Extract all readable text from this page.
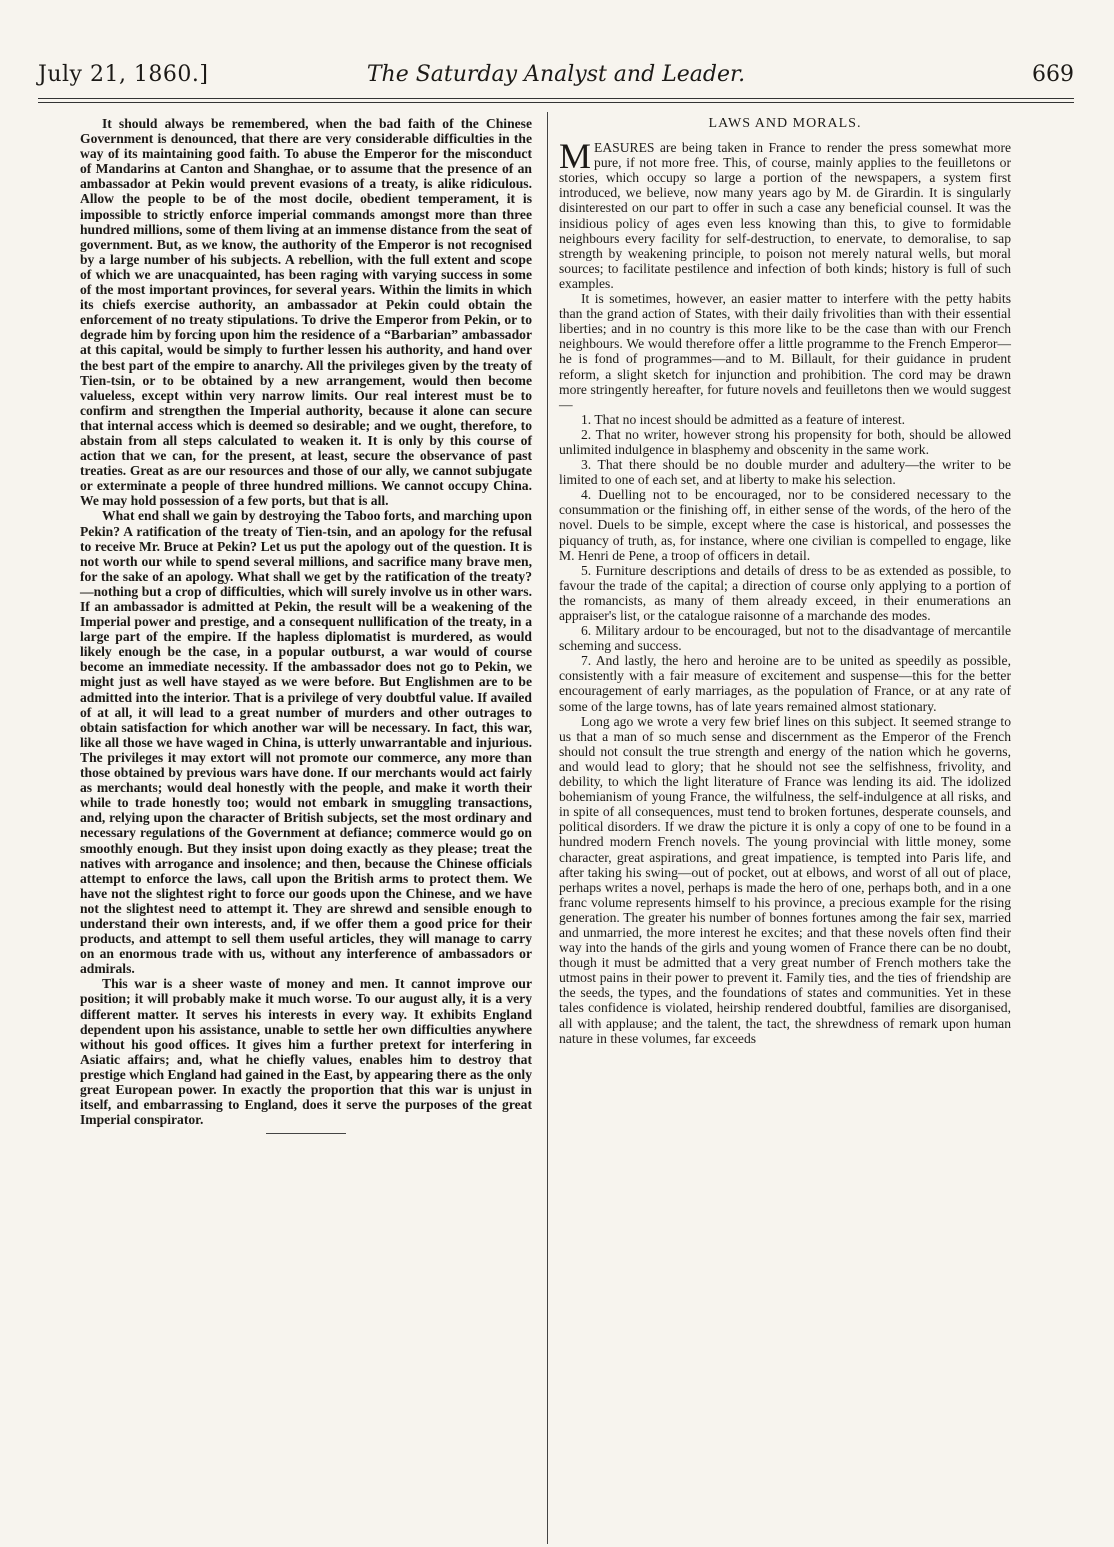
July 21, 1860.]	The Saturday Analyst and Leader.	669

It should always be remembered, when the bad faith of the Chinese Government is denounced, that there are very considerable difficulties in the way of its maintaining good faith. To abuse the Emperor for the misconduct of Mandarins at Canton and Shanghae, or to assume that the presence of an ambassador at Pekin would prevent evasions of a treaty, is alike ridiculous. Allow the people to be of the most docile, obedient temperament, it is impossible to strictly enforce imperial commands amongst more than three hundred millions, some of them living at an immense distance from the seat of government. But, as we know, the authority of the Emperor is not recognised by a large number of his subjects. A rebellion, with the full extent and scope of which we are unacquainted, has been raging with varying success in some of the most important provinces, for several years. Within the limits in which its chiefs exercise authority, an ambassador at Pekin could obtain the enforcement of no treaty stipulations. To drive the Emperor from Pekin, or to degrade him by forcing upon him the residence of a “Barbarian” ambassador at this capital, would be simply to further lessen his authority, and hand over the best part of the empire to anarchy. All the privileges given by the treaty of Tien-tsin, or to be obtained by a new arrangement, would then become valueless, except within very narrow limits. Our real interest must be to confirm and strengthen the Imperial authority, because it alone can secure that internal access which is deemed so desirable; and we ought, therefore, to abstain from all steps calculated to weaken it. It is only by this course of action that we can, for the present, at least, secure the observance of past treaties. Great as are our resources and those of our ally, we cannot subjugate or exterminate a people of three hundred millions. We cannot occupy China. We may hold possession of a few ports, but that is all.

What end shall we gain by destroying the Taboo forts, and marching upon Pekin? A ratification of the treaty of Tien-tsin, and an apology for the refusal to receive Mr. Bruce at Pekin? Let us put the apology out of the question. It is not worth our while to spend several millions, and sacrifice many brave men, for the sake of an apology. What shall we get by the ratification of the treaty?—nothing but a crop of difficulties, which will surely involve us in other wars. If an ambassador is admitted at Pekin, the result will be a weakening of the Imperial power and prestige, and a consequent nullification of the treaty, in a large part of the empire. If the hapless diplomatist is murdered, as would likely enough be the case, in a popular outburst, a war would of course become an immediate necessity. If the ambassador does not go to Pekin, we might just as well have stayed as we were before. But Englishmen are to be admitted into the interior. That is a privilege of very doubtful value. If availed of at all, it will lead to a great number of murders and other outrages to obtain satisfaction for which another war will be necessary. In fact, this war, like all those we have waged in China, is utterly unwarrantable and injurious. The privileges it may extort will not promote our commerce, any more than those obtained by previous wars have done. If our merchants would act fairly as merchants; would deal honestly with the people, and make it worth their while to trade honestly too; would not embark in smuggling transactions, and, relying upon the character of British subjects, set the most ordinary and necessary regulations of the Government at defiance; commerce would go on smoothly enough. But they insist upon doing exactly as they please; treat the natives with arrogance and insolence; and then, because the Chinese officials attempt to enforce the laws, call upon the British arms to protect them. We have not the slightest right to force our goods upon the Chinese, and we have not the slightest need to attempt it. They are shrewd and sensible enough to understand their own interests, and, if we offer them a good price for their products, and attempt to sell them useful articles, they will manage to carry on an enormous trade with us, without any interference of ambassadors or admirals.

This war is a sheer waste of money and men. It cannot improve our position; it will probably make it much worse. To our august ally, it is a very different matter. It serves his interests in every way. It exhibits England dependent upon his assistance, unable to settle her own difficulties anywhere without his good offices. It gives him a further pretext for interfering in Asiatic affairs; and, what he chiefly values, enables him to destroy that prestige which England had gained in the East, by appearing there as the only great European power. In exactly the proportion that this war is unjust in itself, and embarrassing to England, does it serve the purposes of the great Imperial conspirator.

LAWS AND MORALS.

MEASURES are being taken in France to render the press somewhat more pure, if not more free. This, of course, mainly applies to the feuilletons or stories, which occupy so large a portion of the newspapers, a system first introduced, we believe, now many years ago by M. de Girardin. It is singularly disinterested on our part to offer in such a case any beneficial counsel. It was the insidious policy of ages even less knowing than this, to give to formidable neighbours every facility for self-destruction, to enervate, to demoralise, to sap strength by weakening principle, to poison not merely natural wells, but moral sources; to facilitate pestilence and infection of both kinds; history is full of such examples.

It is sometimes, however, an easier matter to interfere with the petty habits than the grand action of States, with their daily frivolities than with their essential liberties; and in no country is this more like to be the case than with our French neighbours. We would therefore offer a little programme to the French Emperor—he is fond of programmes—and to M. Billault, for their guidance in prudent reform, a slight sketch for injunction and prohibition. The cord may be drawn more stringently hereafter, for future novels and feuilletons then we would suggest—

1. That no incest should be admitted as a feature of interest.

2. That no writer, however strong his propensity for both, should be allowed unlimited indulgence in blasphemy and obscenity in the same work.

3. That there should be no double murder and adultery—the writer to be limited to one of each set, and at liberty to make his selection.

4. Duelling not to be encouraged, nor to be considered necessary to the consummation or the finishing off, in either sense of the words, of the hero of the novel. Duels to be simple, except where the case is historical, and possesses the piquancy of truth, as, for instance, where one civilian is compelled to engage, like M. Henri de Pene, a troop of officers in detail.

5. Furniture descriptions and details of dress to be as extended as possible, to favour the trade of the capital; a direction of course only applying to a portion of the romancists, as many of them already exceed, in their enumerations an appraiser's list, or the catalogue raisonne of a marchande des modes.

6. Military ardour to be encouraged, but not to the disadvantage of mercantile scheming and success.

7. And lastly, the hero and heroine are to be united as speedily as possible, consistently with a fair measure of excitement and suspense—this for the better encouragement of early marriages, as the population of France, or at any rate of some of the large towns, has of late years remained almost stationary.

Long ago we wrote a very few brief lines on this subject. It seemed strange to us that a man of so much sense and discernment as the Emperor of the French should not consult the true strength and energy of the nation which he governs, and would lead to glory; that he should not see the selfishness, frivolity, and debility, to which the light literature of France was lending its aid. The idolized bohemianism of young France, the wilfulness, the self-indulgence at all risks, and in spite of all consequences, must tend to broken fortunes, desperate counsels, and political disorders. If we draw the picture it is only a copy of one to be found in a hundred modern French novels. The young provincial with little money, some character, great aspirations, and great impatience, is tempted into Paris life, and after taking his swing—out of pocket, out at elbows, and worst of all out of place, perhaps writes a novel, perhaps is made the hero of one, perhaps both, and in a one franc volume represents himself to his province, a precious example for the rising generation. The greater his number of bonnes fortunes among the fair sex, married and unmarried, the more interest he excites; and that these novels often find their way into the hands of the girls and young women of France there can be no doubt, though it must be admitted that a very great number of French mothers take the utmost pains in their power to prevent it. Family ties, and the ties of friendship are the seeds, the types, and the foundations of states and communities. Yet in these tales confidence is violated, heirship rendered doubtful, families are disorganised, all with applause; and the talent, the tact, the shrewdness of remark upon human nature in these volumes, far exceeds
